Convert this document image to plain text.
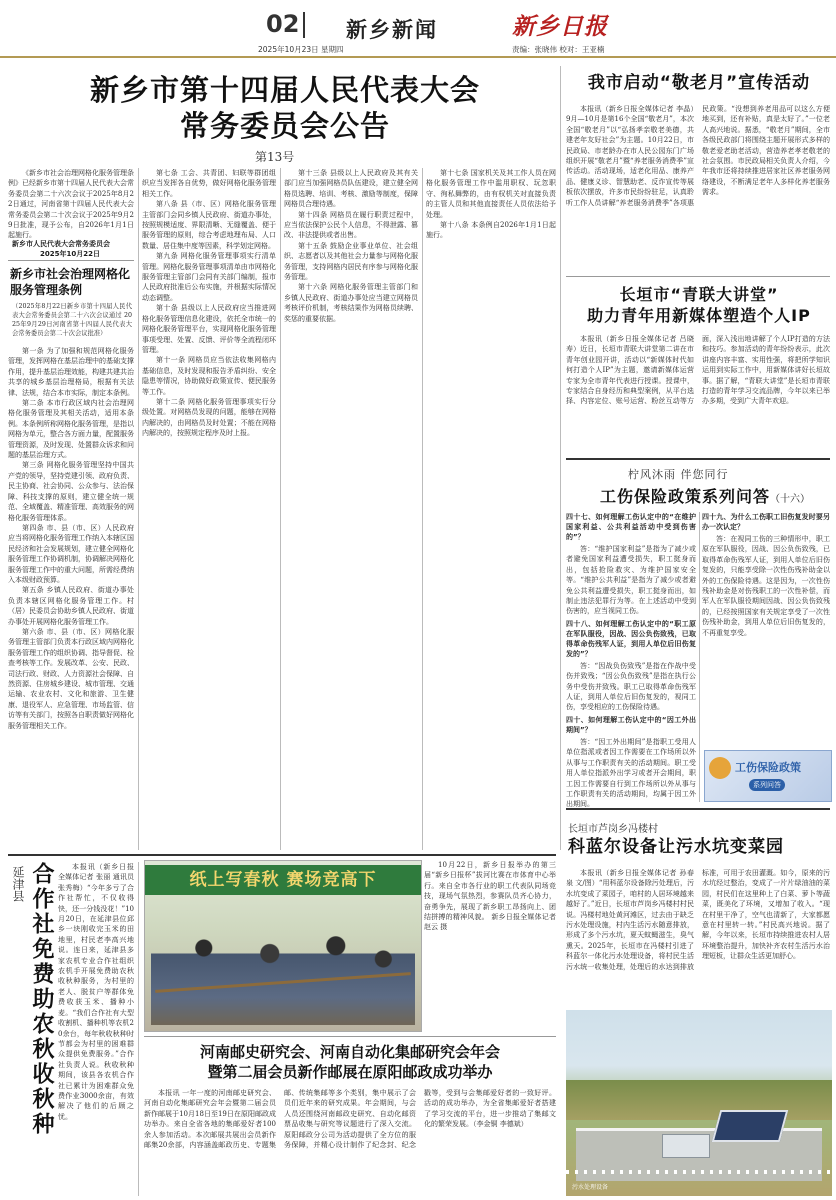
02 新乡新闻	新乡日报
2025年10月23日 星期四	责编：张晓伟 校对：王亚楠
新乡市第十四届人民代表大会
常务委员会公告
第13号

《新乡市社会治理网格化服务管理条例》已经新乡市第十四届人民代表大会常务委员会第二十六次会议于2025年8月22日通过，河南省第十四届人民代表大会常务委员会第二十次会议于2025年9月29日批准，现予公布，自2026年1月1日起施行。

新乡市人民代表大会常务委员会
2025年10月22日
新乡市社会治理网格化服务管理条例
（2025年8月22日新乡市第十四届人民代表大会常务委员会第二十六次会议通过 2025年9月29日河南省第十四届人民代表大会常务委员会第二十次会议批准）

第一条 为了加强和规范网格化服务管理，发挥网格在基层治理中的基础支撑作用，提升基层治理效能，构建共建共治共享的城乡基层治理格局，根据有关法律、法规，结合本市实际，制定本条例。

第二条 本市行政区域内社会治理网格化服务管理及其相关活动，适用本条例。本条例所称网格化服务管理，是指以网格为单元，整合各方面力量，配置服务管理资源，及时发现、处置群众诉求和问题的基层治理方式。

第三条 网格化服务管理坚持中国共产党的领导，坚持党建引领、政府负责、民主协商、社会协同、公众参与、法治保障、科技支撑的原则，建立健全统一规范、全域覆盖、精准管理、高效服务的网格化服务管理体系。

第四条 市、县（市、区）人民政府应当将网格化服务管理工作纳入本辖区国民经济和社会发展规划，建立健全网格化服务管理工作协调机制，协调解决网格化服务管理工作中的重大问题，所需经费纳入本级财政预算。

第五条 乡镇人民政府、街道办事处负责本辖区网格化服务管理工作。村（居）民委员会协助乡镇人民政府、街道办事处开展网格化服务管理工作。

第六条 市、县（市、区）网格化服务管理主管部门负责本行政区域内网格化服务管理工作的组织协调、指导督促、检查考核等工作。发展改革、公安、民政、司法行政、财政、人力资源社会保障、自然资源、住房城乡建设、城市管理、交通运输、农业农村、文化和旅游、卫生健康、退役军人、应急管理、市场监管、信访等有关部门，按照各自职责做好网格化服务管理相关工作。

第七条 工会、共青团、妇联等群团组织应当发挥各自优势，做好网格化服务管理相关工作。

第八条 县（市、区）网格化服务管理主管部门会同乡镇人民政府、街道办事处，按照规模适度、界限清晰、无缝覆盖、便于服务管理的原则，综合考虑地理布局、人口数量、居住集中度等因素，科学划定网格。

第九条 网格化服务管理事项实行清单管理。网格化服务管理事项清单由市网格化服务管理主管部门会同有关部门编制，报市人民政府批准后公布实施，并根据实际情况动态调整。

第十条 县级以上人民政府应当推进网格化服务管理信息化建设，依托全市统一的网格化服务管理平台，实现网格化服务管理事项受理、处置、反馈、评价等全流程闭环管理。

第十一条 网格员应当依法收集网格内基础信息，及时发现和报告矛盾纠纷、安全隐患等情况，协助做好政策宣传、便民服务等工作。

第十二条 网格化服务管理事项实行分级处置。对网格员发现的问题，能够在网格内解决的，由网格员及时处置；不能在网格内解决的，按照规定程序及时上报。

第十三条 县级以上人民政府及其有关部门应当加强网格员队伍建设，建立健全网格员选聘、培训、考核、激励等制度，保障网格员合理待遇。

第十四条 网格员在履行职责过程中，应当依法保护公民个人信息，不得泄露、篡改、非法提供或者出售。

第十五条 鼓励企业事业单位、社会组织、志愿者以及其他社会力量参与网格化服务管理，支持网格内居民有序参与网格化服务管理。

第十六条 网格化服务管理主管部门和乡镇人民政府、街道办事处应当建立网格员考核评价机制，考核结果作为网格员续聘、奖惩的重要依据。

第十七条 国家机关及其工作人员在网格化服务管理工作中滥用职权、玩忽职守、徇私舞弊的，由有权机关对直接负责的主管人员和其他直接责任人员依法给予处理。

第十八条 本条例自2026年1月1日起施行。

我市启动“敬老月”宣传活动

本报讯（新乡日报全媒体记者 李晶）9月—10月是第16个全国“敬老月”，本次全国“敬老月”以“弘扬孝亲敬老美德，共建老年友好社会”为主题。10月22日，市民政局、市老龄办在市人民公园东门广场组织开展“敬老月”暨“养老服务消费季”宣传活动。活动现场，适老化用品、康养产品、健康义诊、智慧助老、反诈宣传等展板依次摆放，许多市民纷纷驻足，认真聆听工作人员讲解“养老服务消费季”各项惠民政策。“没想到养老用品可以这么方便地买到，还有补贴，真是太好了。”一位老人高兴地说。据悉，“敬老月”期间，全市各级民政部门将围绕主题开展形式多样的敬老爱老助老活动，营造养老孝老敬老的社会氛围。市民政局相关负责人介绍，今年我市还将持续推进居家社区养老服务网络建设，不断满足老年人多样化养老服务需求。

长垣市“青联大讲堂”
助力青年用新媒体塑造个人IP

本报讯（新乡日报全媒体记者 吕晓寿）近日，长垣市青联大讲堂第二讲在市青年创业园开讲，活动以“新媒体时代如何打造个人IP”为主题，邀请新媒体运营专家为全市青年代表进行授课。授课中，专家结合自身经历和典型案例，从平台选择、内容定位、账号运营、粉丝互动等方面，深入浅出地讲解了个人IP打造的方法和技巧。参加活动的青年纷纷表示，此次讲座内容丰富、实用性强，将把所学知识运用到实际工作中，用新媒体讲好长垣故事。据了解，“青联大讲堂”是长垣市青联打造的青年学习交流品牌，今年以来已举办多期，受到广大青年欢迎。

柠风沐雨 伴您同行
工伤保险政策系列问答（十六）
四十七、如何理解工伤认定中的“在维护国家利益、公共利益活动中受到伤害的”？

答：“维护国家利益”是指为了减少或者避免国家利益遭受损失，职工挺身而出，包括抢险救灾、为维护国家安全等。“维护公共利益”是指为了减少或者避免公共利益遭受损失，职工挺身而出，如制止违法犯罪行为等。在上述活动中受到伤害的，应当视同工伤。

四十八、如何理解工伤认定中的“职工原在军队服役，因战、因公负伤致残，已取得革命伤残军人证，到用人单位后旧伤复发的”？

答：“因战负伤致残”是指在作战中受伤并致残；“因公负伤致残”是指在执行公务中受伤并致残。职工已取得革命伤残军人证，到用人单位后旧伤复发的，视同工伤，享受相应的工伤保险待遇。

四十、如何理解工伤认定中的“因工外出期间”？

答：“因工外出期间”是指职工受用人单位指派或者因工作需要在工作场所以外从事与工作职责有关的活动期间。职工受用人单位指派外出学习或者开会期间，职工因工作需要自行到工作场所以外从事与工作职责有关的活动期间，均属于因工外出期间。

四十九、为什么工伤职工旧伤复发时要另办一次认定？

答：在视同工伤的三种情形中，职工原在军队服役，因战、因公负伤致残，已取得革命伤残军人证，到用人单位后旧伤复发的，只能享受除一次性伤残补助金以外的工伤保险待遇。这是因为，一次性伤残补助金是对伤残职工的一次性补偿，而军人在军队服役期间因战、因公负伤致残的，已经按照国家有关规定享受了一次性伤残补助金，到用人单位后旧伤复发的，不再重复享受。

工伤保险政策
系列问答
长垣市芦岗乡冯楼村
科蓝尔设备让污水坑变菜园

本报讯（新乡日报全媒体记者 孙春泉 文/图）“用科蓝尔设备除污处理后，污水坑变成了菜园子，咱村的人居环境越来越好了。”近日，长垣市芦岗乡冯楼村村民说。冯楼村地处黄河滩区，过去由于缺乏污水处理设施，村内生活污水随意排放，形成了多个污水坑，夏天蚊蝇滋生，臭气熏天。2025年，长垣市在冯楼村引进了科蓝尔一体化污水处理设备，将村民生活污水统一收集处理，处理后的水达到排放标准，可用于农田灌溉。如今，原来的污水坑经过整治，变成了一片片绿油油的菜园，村民们在这里种上了白菜、萝卜等蔬菜，既美化了环境，又增加了收入。“现在村里干净了，空气也清新了，大家都愿意在村里转一转。”村民高兴地说。据了解，今年以来，长垣市持续推进农村人居环境整治提升，加快补齐农村生活污水治理短板，让群众生活更加舒心。

污水处理设备
延津县 合作社免费助农秋收秋种	本报讯（新乡日报全媒体记者 张丽 通讯员 张秀梅）“今年多亏了合作社帮忙，不仅收得快，还一分钱没花！”10月20日，在延津县位邱乡一块刚收完玉米的田地里，村民老李高兴地说。连日来，延津县多家农机专业合作社组织农机手开展免费助农秋收秋种服务，为村里的老人、脱贫户等群体免费收获玉米、播种小麦。“我们合作社有大型收割机、播种机等农机20余台，每年秋收秋种时节都会为村里的困难群众提供免费服务。”合作社负责人说。秋收秋种期间，该县各农机合作社已累计为困难群众免费作业3000余亩，有效解决了他们的后顾之忧。

纸上写春秋 赛场竞高下

10月22日，新乡日报举办的第三届“新乡日报杯”拔河比赛在市体育中心举行。来自全市各行业的职工代表队同场竞技，现场气氛热烈，参赛队员齐心协力，奋勇争先，展现了新乡职工昂扬向上、团结拼搏的精神风貌。 新乡日报全媒体记者 赵云 摄

河南邮史研究会、河南自动化集邮研究会年会
暨第二届会员新作邮展在原阳邮政成功举办

本报讯 一年一度的河南邮史研究会、河南自动化集邮研究会年会暨第二届会员新作邮展于10月18日至19日在原阳邮政成功举办。来自全省各地的集邮爱好者100余人参加活动。本次邮展共展出会员新作邮集20余部，内容涵盖邮政历史、专题集邮、传统集邮等多个类别，集中展示了会员们近年来的研究成果。年会期间，与会人员还围绕河南邮政史研究、自动化邮资票品收集与研究等议题进行了深入交流。原阳邮政分公司为活动提供了全方位的服务保障，并精心设计制作了纪念封、纪念戳等，受到与会集邮爱好者的一致好评。活动的成功举办，为全省集邮爱好者搭建了学习交流的平台，进一步推动了集邮文化的繁荣发展。（李金铜 李德斌）
